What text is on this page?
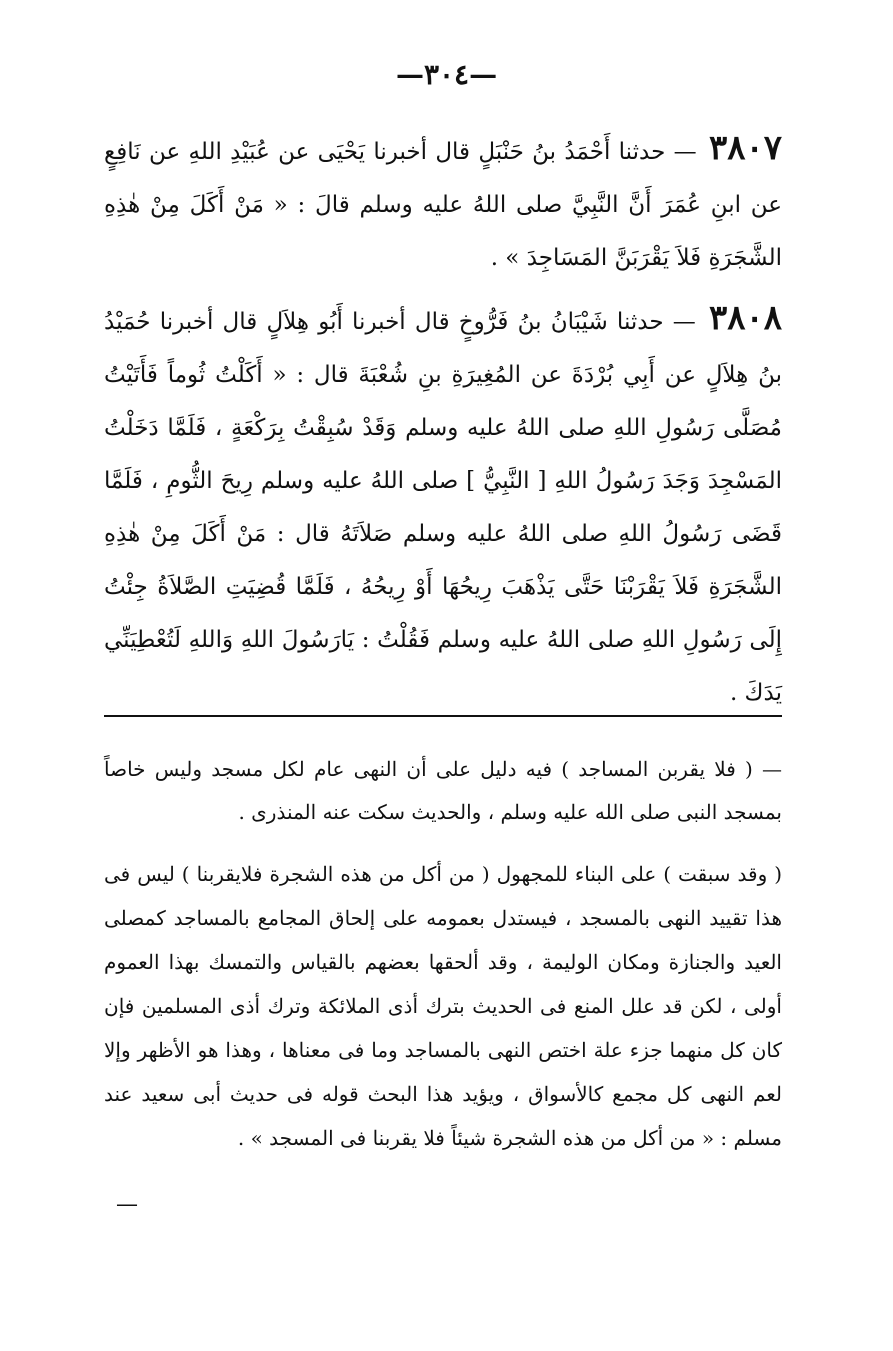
—٣٠٤—
٣٨٠٧ — حدثنا أَحْمَدُ بنُ حَنْبَلٍ قال أخبرنا يَحْيَى عن عُبَيْدِ اللهِ عن نَافِعٍ عن ابنِ عُمَرَ أَنَّ النَّبِيَّ صلى اللهُ عليه وسلم قالَ : « مَنْ أَكَلَ مِنْ هٰذِهِ الشَّجَرَةِ فَلاَ يَقْرَبَنَّ المَسَاجِدَ » .
٣٨٠٨ — حدثنا شَيْبَانُ بنُ فَرُّوخٍ قال أخبرنا أَبُو هِلاَلٍ قال أخبرنا حُمَيْدُ بنُ هِلاَلٍ عن أَبِي بُرْدَةَ عن المُغِيرَةِ بنِ شُعْبَةَ قال : « أَكَلْتُ ثُوماً فَأَتَيْتُ مُصَلَّى رَسُولِ اللهِ صلى اللهُ عليه وسلم وَقَدْ سُبِقْتُ بِرَكْعَةٍ ، فَلَمَّا دَخَلْتُ المَسْجِدَ وَجَدَ رَسُولُ اللهِ [ النَّبِيُّ ] صلى اللهُ عليه وسلم رِيحَ الثُّومِ ، فَلَمَّا قَضَى رَسُولُ اللهِ صلى اللهُ عليه وسلم صَلاَتَهُ قال : مَنْ أَكَلَ مِنْ هٰذِهِ الشَّجَرَةِ فَلاَ يَقْرَبْنَا حَتَّى يَذْهَبَ رِيحُهَا أَوْ رِيحُهُ ، فَلَمَّا قُضِيَتِ الصَّلاَةُ جِئْتُ إِلَى رَسُولِ اللهِ صلى اللهُ عليه وسلم فَقُلْتُ : يَارَسُولَ اللهِ وَاللهِ لَتُعْطِيَنِّي يَدَكَ .
— ( فلا يقربن المساجد ) فيه دليل على أن النهى عام لكل مسجد وليس خاصاً بمسجد النبى صلى الله عليه وسلم ، والحديث سكت عنه المنذرى .
( وقد سبقت ) على البناء للمجهول ( من أكل من هذه الشجرة فلايقربنا ) ليس فى هذا تقييد النهى بالمسجد ، فيستدل بعمومه على إلحاق المجامع بالمساجد كمصلى العيد والجنازة ومكان الوليمة ، وقد ألحقها بعضهم بالقياس والتمسك بهذا العموم أولى ، لكن قد علل المنع فى الحديث بترك أذى الملائكة وترك أذى المسلمين فإن كان كل منهما جزء علة اختص النهى بالمساجد وما فى معناها ، وهذا هو الأظهر وإلا لعم النهى كل مجمع كالأسواق ، ويؤيد هذا البحث قوله فى حديث أبى سعيد عند مسلم : « من أكل من هذه الشجرة شيئاً فلا يقربنا فى المسجد » .
—
